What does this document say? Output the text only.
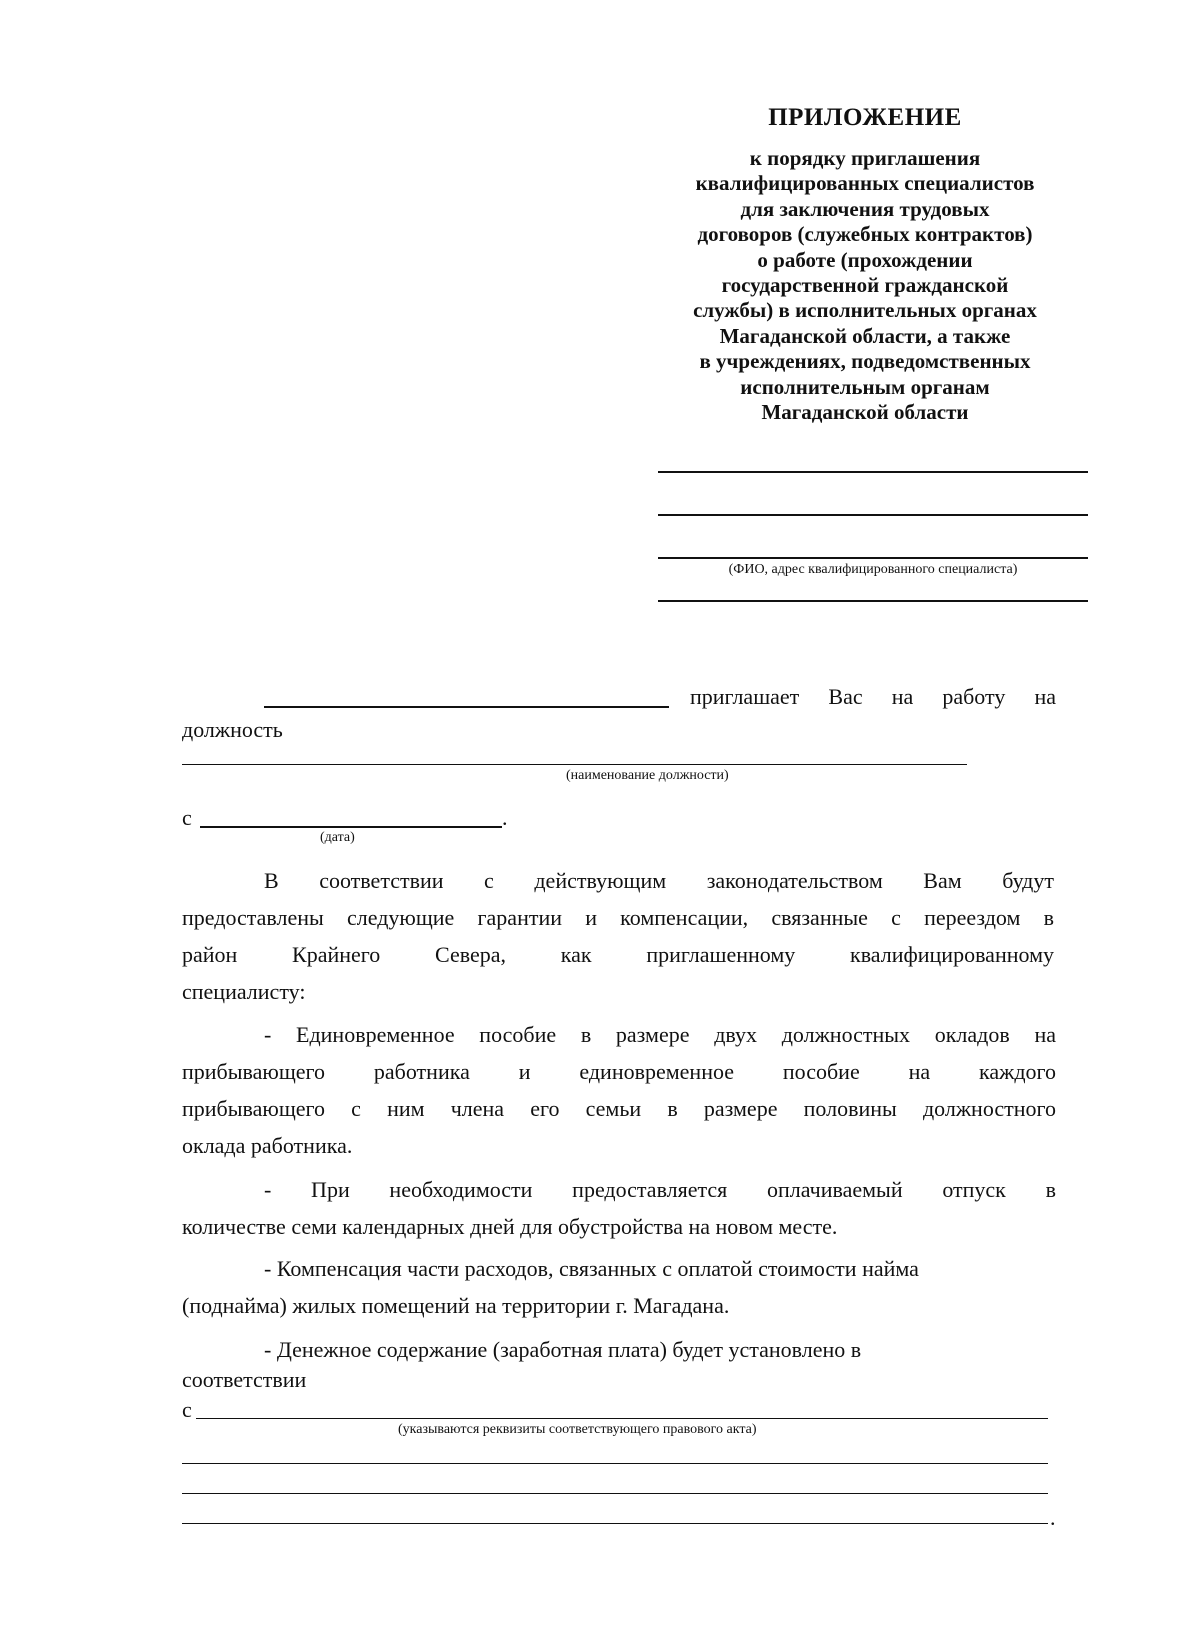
ПРИЛОЖЕНИЕ
к порядку приглашения
квалифицированных специалистов
для заключения трудовых
договоров (служебных контрактов)
о работе (прохождении
государственной гражданской
службы) в исполнительных органах
Магаданской области, а также
в учреждениях, подведомственных
исполнительным органам
Магаданской области
(ФИО, адрес квалифицированного специалиста)
приглашает Вас на работу на
должность
(наименование должности)
с	.
(дата)
В соответствии с действующим законодательством Вам будут
предоставлены следующие гарантии и компенсации, связанные с переездом в
район Крайнего Севера, как приглашенному квалифицированному
специалисту:
- Единовременное пособие в размере двух должностных окладов на
прибывающего работника и единовременное пособие на каждого
прибывающего с ним члена его семьи в размере половины должностного
оклада работника.
- При необходимости предоставляется оплачиваемый отпуск в
количестве семи календарных дней для обустройства на новом месте.
- Компенсация части расходов, связанных с оплатой стоимости найма
(поднайма) жилых помещений на территории г. Магадана.
- Денежное содержание (заработная плата) будет установлено в
соответствии
с
(указываются реквизиты соответствующего правового акта)
.
